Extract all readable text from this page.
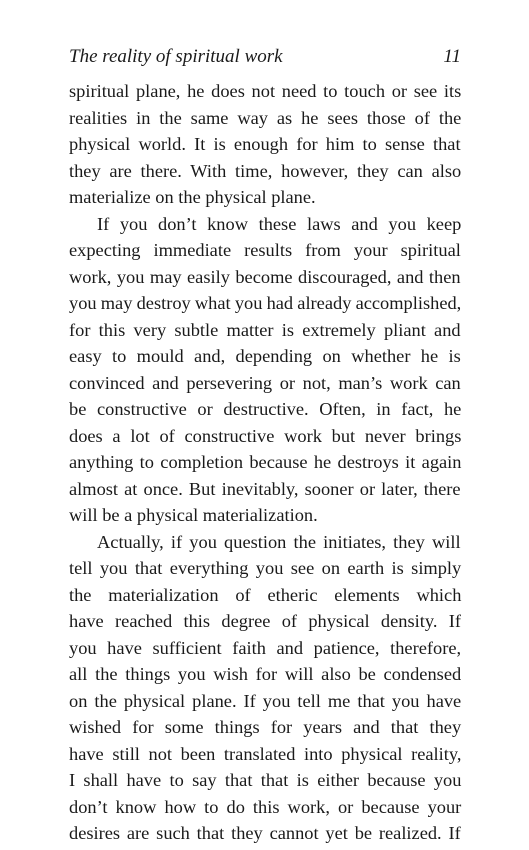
The reality of spiritual work	11

spiritual plane, he does not need to touch or see its
realities in the same way as he sees those of the
physical world. It is enough for him to sense that
they are there. With time, however, they can also
materialize on the physical plane.

If you don’t know these laws and you keep
expecting immediate results from your spiritual
work, you may easily become discouraged, and then
you may destroy what you had already accomplished,
for this very subtle matter is extremely pliant and
easy to mould and, depending on whether he is
convinced and persevering or not, man’s work can
be constructive or destructive. Often, in fact, he
does a lot of constructive work but never brings
anything to completion because he destroys it again
almost at once. But inevitably, sooner or later, there
will be a physical materialization.

Actually, if you question the initiates, they will
tell you that everything you see on earth is simply
the materialization of etheric elements which
have reached this degree of physical density. If
you have sufficient faith and patience, therefore,
all the things you wish for will also be condensed
on the physical plane. If you tell me that you have
wished for some things for years and that they
have still not been translated into physical reality,
I shall have to say that that is either because you
don’t know how to do this work, or because your
desires are such that they cannot yet be realized. If
